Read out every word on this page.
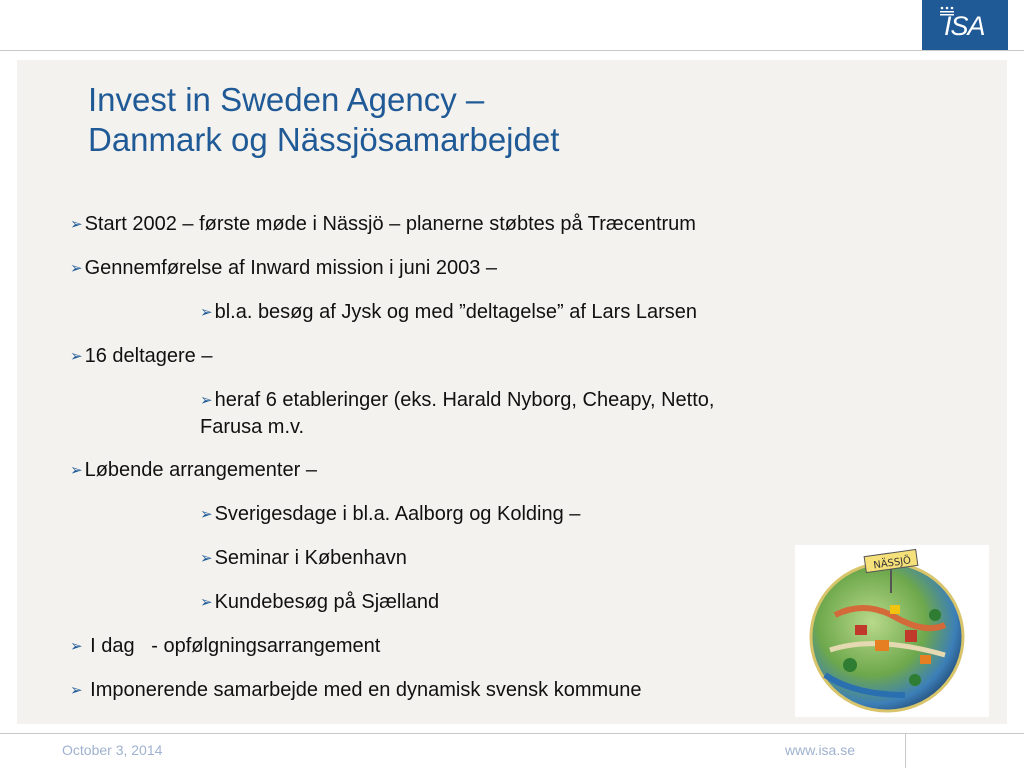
ISA
Invest in Sweden Agency –
Danmark og Nässjösamarbejdet
➢ Start 2002 – første møde i Nässjö – planerne støbtes på Træcentrum
➢ Gennemførelse af Inward mission i juni 2003 –
➢ bl.a. besøg af Jysk og med ”deltagelse” af Lars Larsen
➢ 16 deltagere –
➢ heraf 6 etableringer (eks. Harald Nyborg, Cheapy, Netto, Farusa m.v.
➢ Løbende arrangementer –
➢ Sverigesdage i bl.a. Aalborg og Kolding –
➢ Seminar i København
➢ Kundebesøg på Sjælland
➢ I dag   - opfølgningsarrangement
➢ Imponerende samarbejde med en dynamisk svensk kommune
NÄSSJÖ
October 3, 2014	www.isa.se
